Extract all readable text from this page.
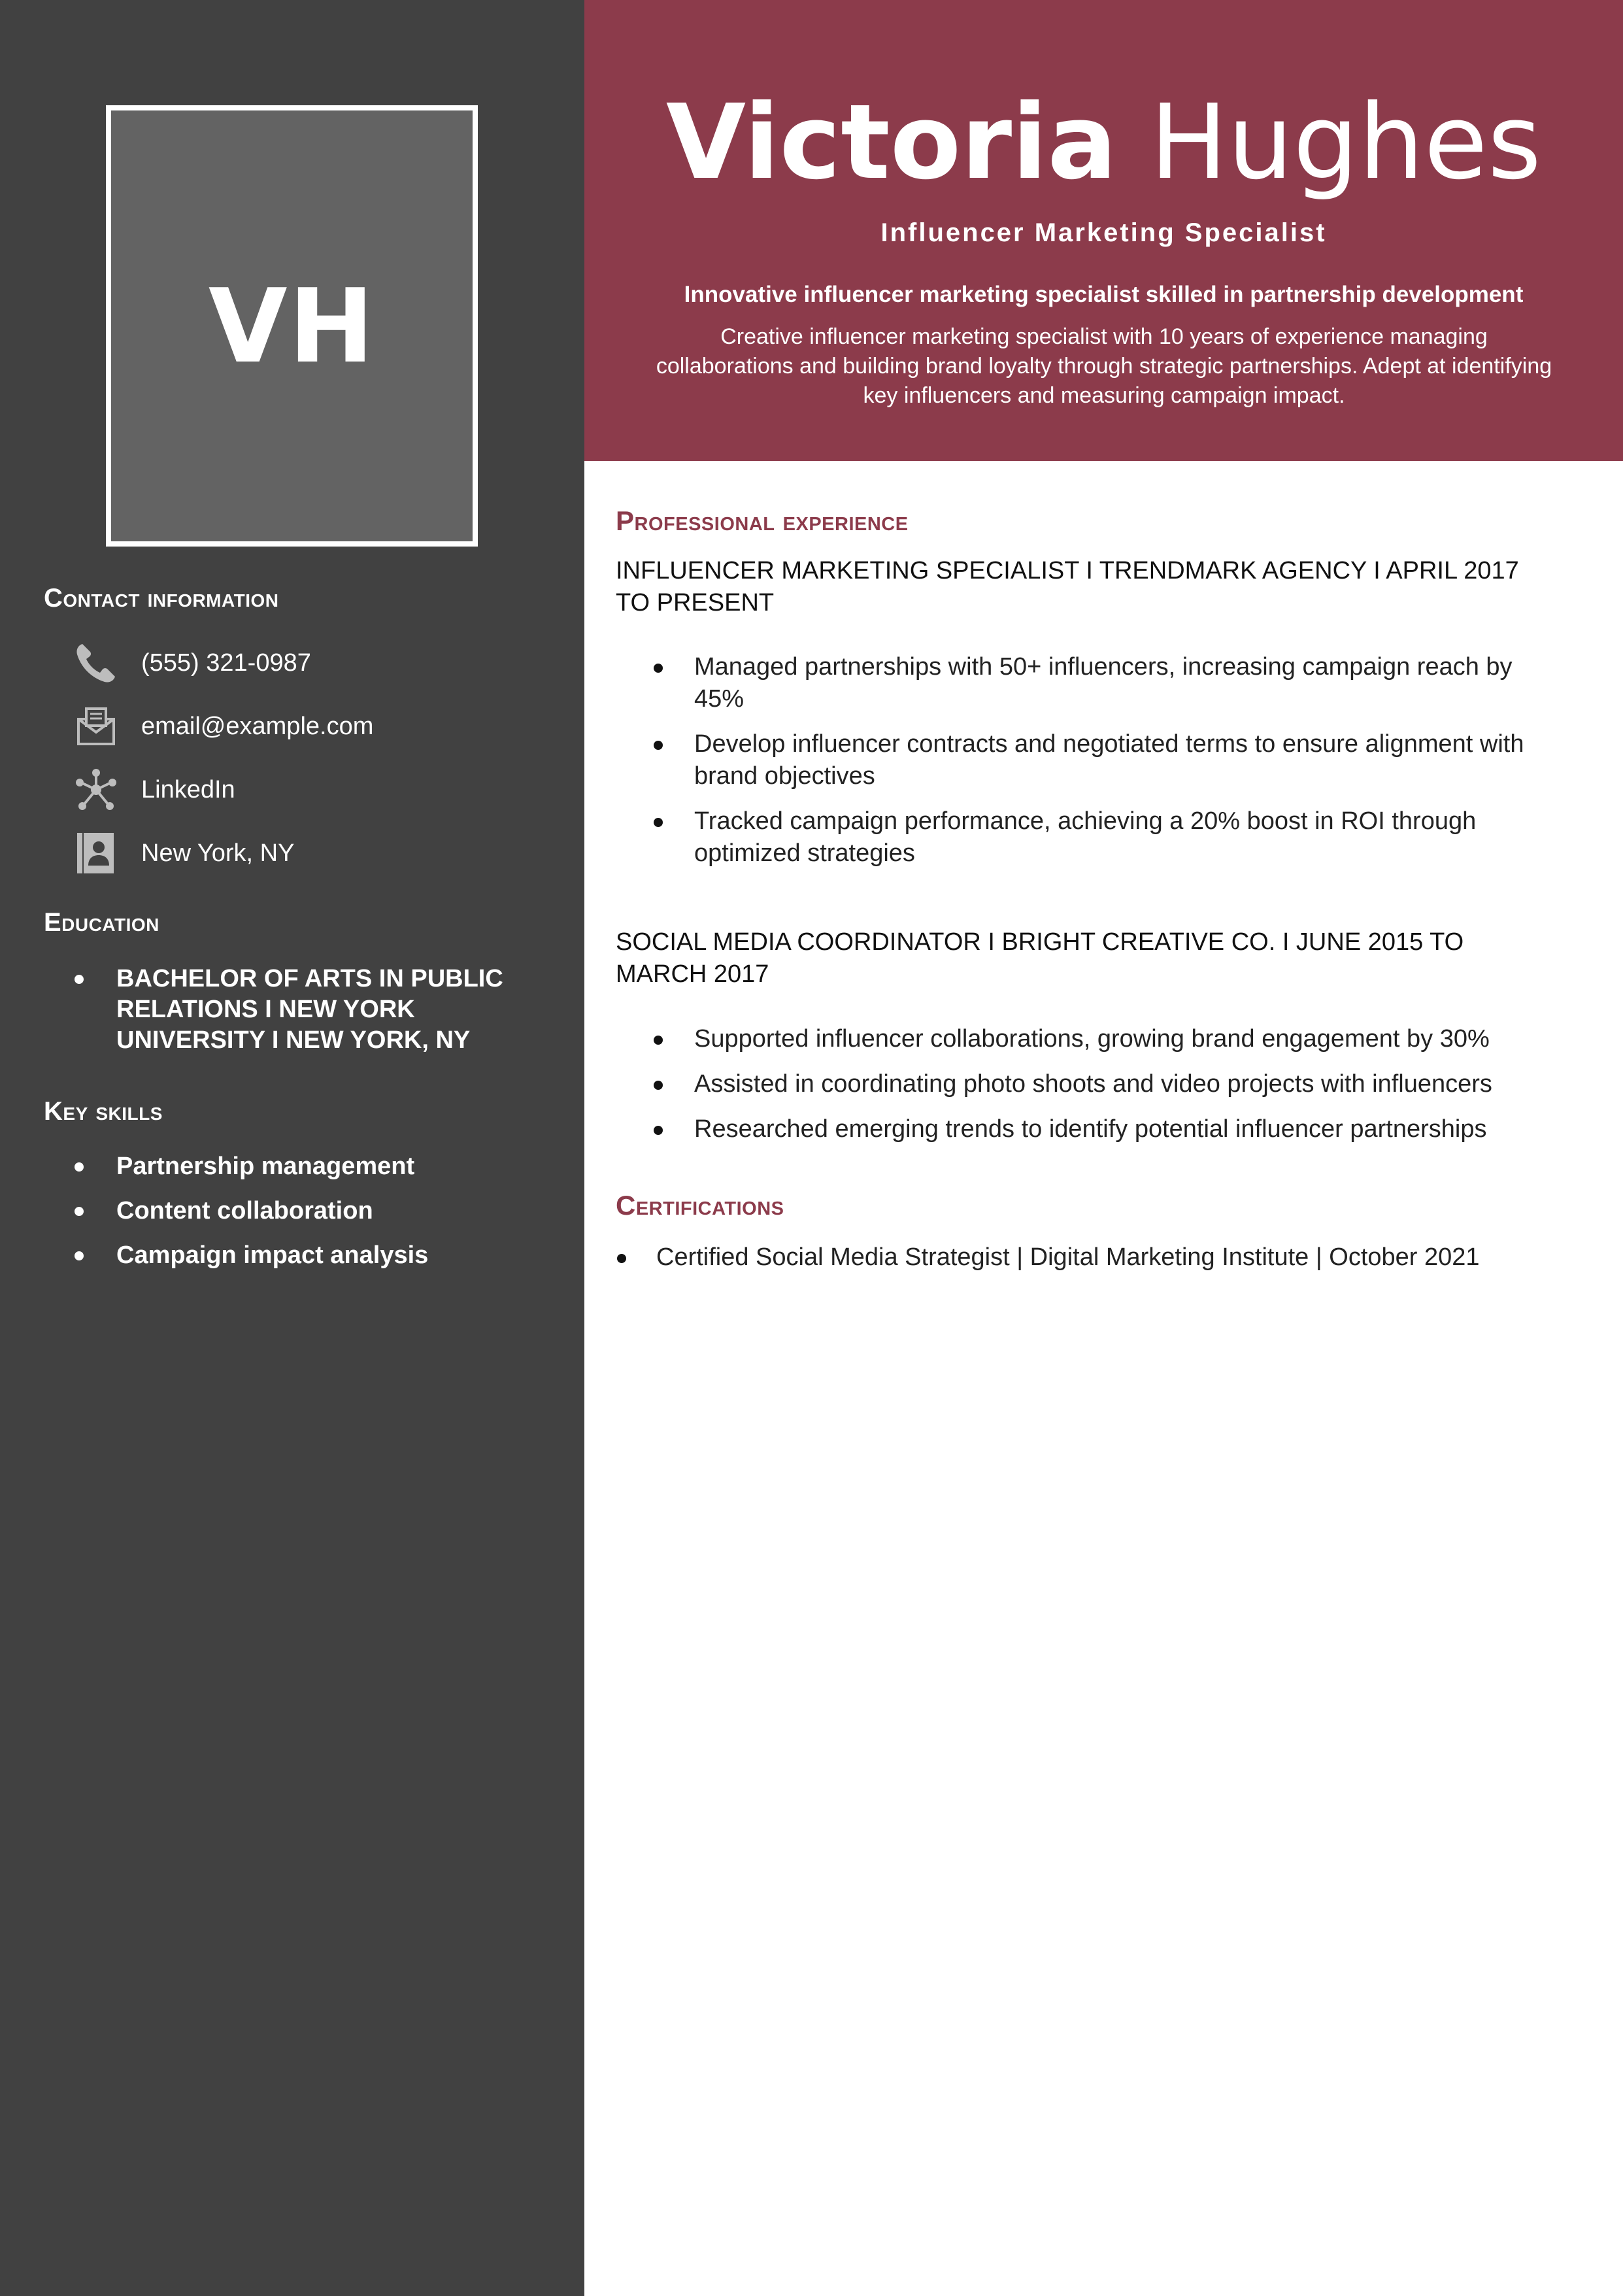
VH
Contact information
(555) 321-0987
email@example.com
LinkedIn
New York, NY
Education
BACHELOR OF ARTS IN PUBLIC RELATIONS I NEW YORK UNIVERSITY I NEW YORK, NY
Key skills
Partnership management
Content collaboration
Campaign impact analysis
Victoria Hughes
Influencer Marketing Specialist
Innovative influencer marketing specialist skilled in partnership development
Creative influencer marketing specialist with 10 years of experience managing collaborations and building brand loyalty through strategic partnerships. Adept at identifying key influencers and measuring campaign impact.
Professional experience
INFLUENCER MARKETING SPECIALIST I TRENDMARK AGENCY I APRIL 2017 TO PRESENT
Managed partnerships with 50+ influencers, increasing campaign reach by 45%
Develop influencer contracts and negotiated terms to ensure alignment with brand objectives
Tracked campaign performance, achieving a 20% boost in ROI through optimized strategies
SOCIAL MEDIA COORDINATOR I BRIGHT CREATIVE CO. I JUNE 2015 TO MARCH 2017
Supported influencer collaborations, growing brand engagement by 30%
Assisted in coordinating photo shoots and video projects with influencers
Researched emerging trends to identify potential influencer partnerships
Certifications
Certified Social Media Strategist | Digital Marketing Institute | October 2021
